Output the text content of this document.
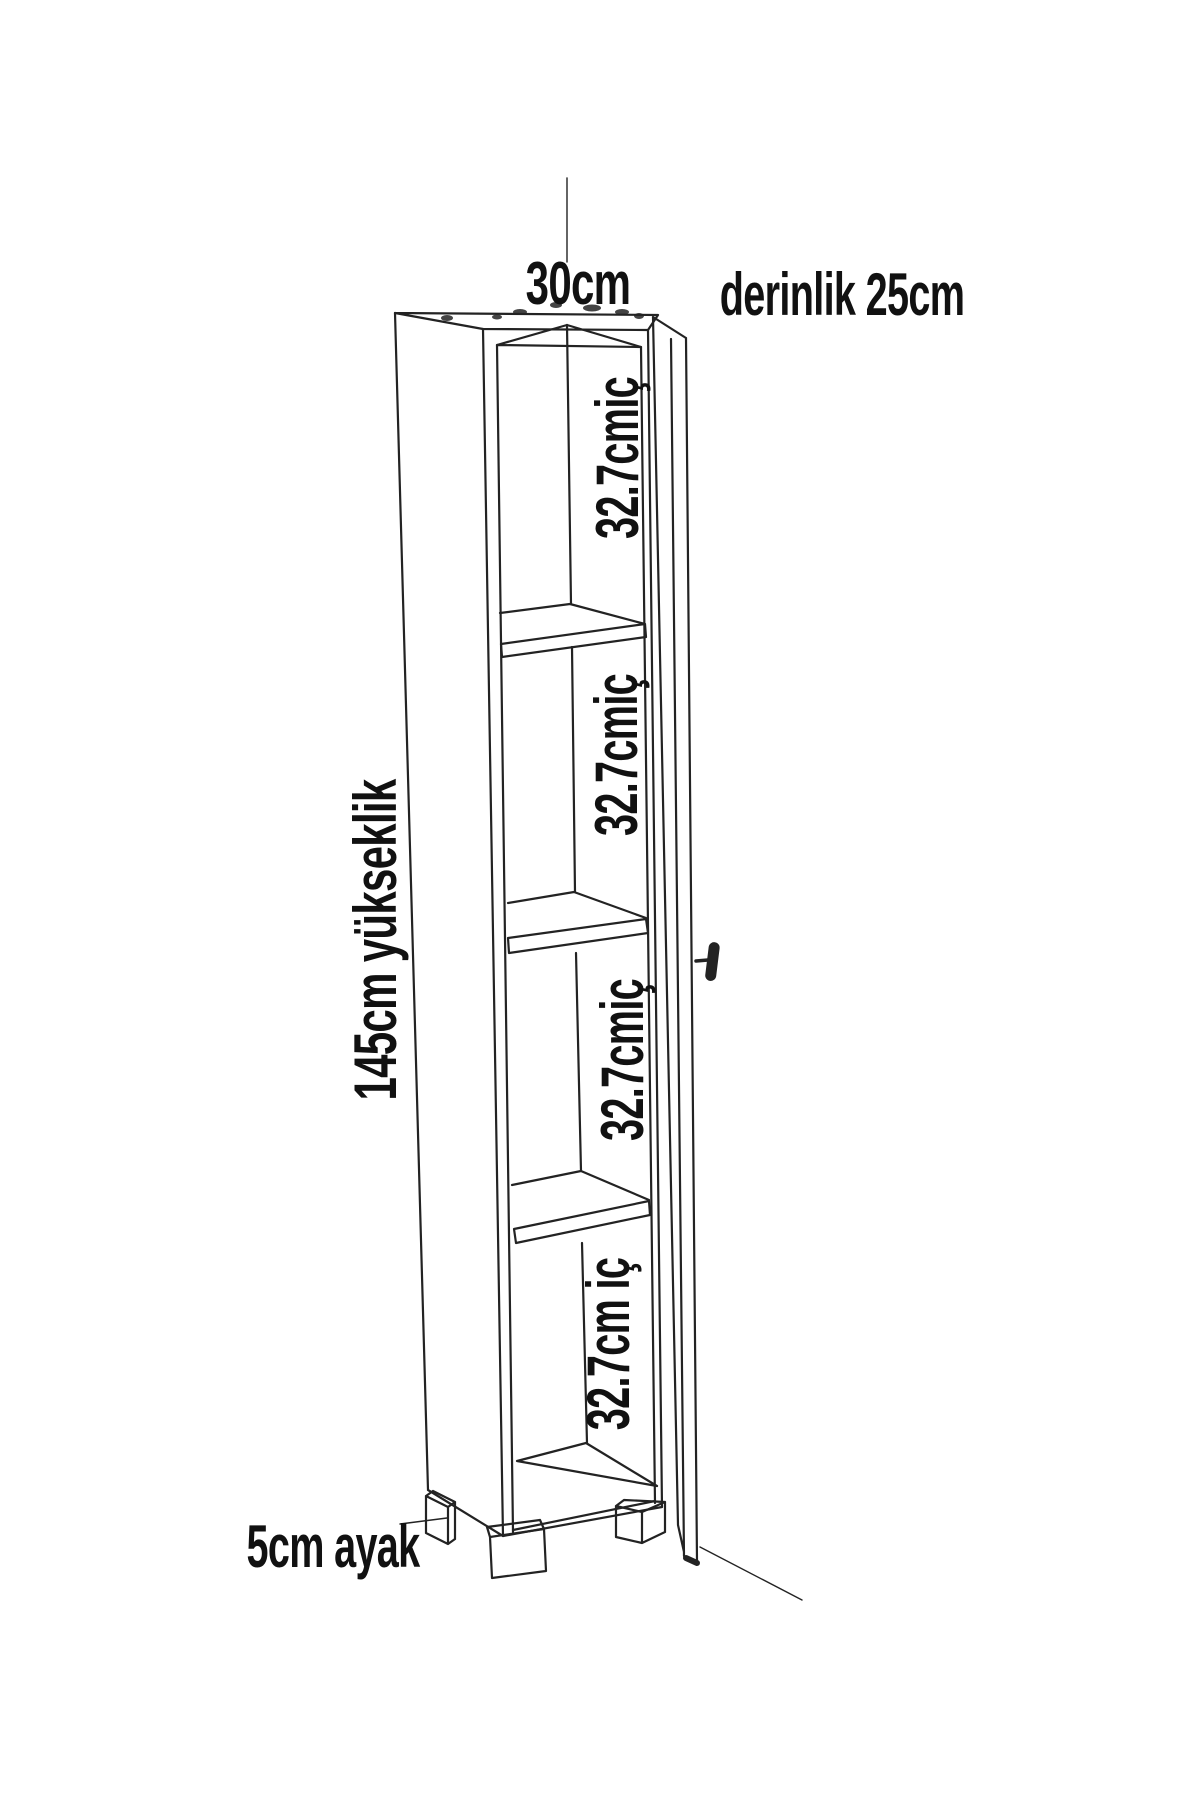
30cm derinlik 25cm
145cm yükseklik
32.7cmiç
32.7cmiç
32.7cmiç
32.7cm iç
5cm ayak
